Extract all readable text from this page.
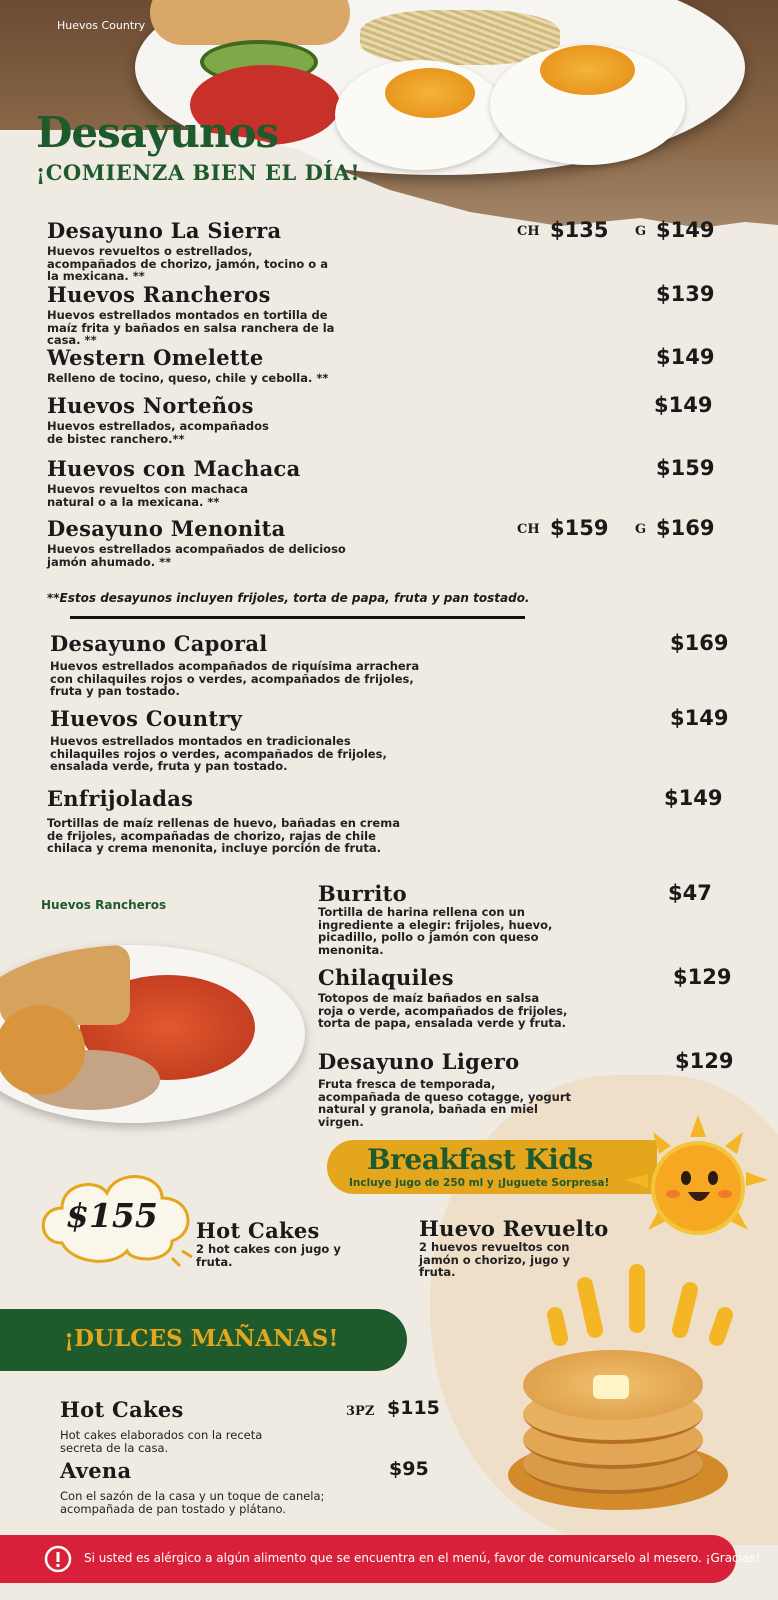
Huevos Country
Desayunos
¡COMIENZA BIEN EL DÍA!
Desayuno La Sierra
Huevos revueltos o estrellados, acompañados de chorizo, jamón, tocino o a la mexicana. **
CH $135 G $149
Huevos Rancheros
Huevos estrellados montados en tortilla de maíz frita y bañados en salsa ranchera de la casa. **
$139
Western Omelette
Relleno de tocino, queso, chile y cebolla. **
$149
Huevos Norteños
Huevos estrellados, acompañados de bistec ranchero.**
$149
Huevos con Machaca
Huevos revueltos con machaca natural o a la mexicana. **
$159
Desayuno Menonita
Huevos estrellados acompañados de delicioso jamón ahumado. **
CH $159 G $169
**Estos desayunos incluyen frijoles, torta de papa, fruta y pan tostado.
Desayuno Caporal
Huevos estrellados acompañados de riquísima arrachera con chilaquiles rojos o verdes, acompañados de frijoles, fruta y pan tostado.
$169
Huevos Country
Huevos estrellados montados en tradicionales chilaquiles rojos o verdes, acompañados de frijoles, ensalada verde, fruta y pan tostado.
$149
Enfrijoladas
Tortillas de maíz rellenas de huevo, bañadas en crema de frijoles, acompañadas de chorizo, rajas de chile chilaca y crema menonita, incluye porción de fruta.
$149
Huevos Rancheros	Burrito
Tortilla de harina rellena con un ingrediente a elegir: frijoles, huevo, picadillo, pollo o jamón con queso menonita.
$47
Chilaquiles
Totopos de maíz bañados en salsa roja o verde, acompañados de frijoles, torta de papa, ensalada verde y fruta.
$129
Desayuno Ligero
Fruta fresca de temporada, acompañada de queso cotagge, yogurt natural y granola, bañada en miel virgen.
$129
Breakfast Kids
Incluye jugo de 250 ml y ¡Juguete Sorpresa!
$155 Hot Cakes
2 hot cakes con jugo y fruta.
Huevo Revuelto
2 huevos revueltos con jamón o chorizo, jugo y fruta.
¡DULCES MAÑANAS!
Hot Cakes	3PZ $115
Hot cakes elaborados con la receta secreta de la casa.
Avena	$95
Con el sazón de la casa y un toque de canela; acompañada de pan tostado y plátano.
Si usted es alérgico a algún alimento que se encuentra en el menú, favor de comunicarselo al mesero. ¡Gracias!
